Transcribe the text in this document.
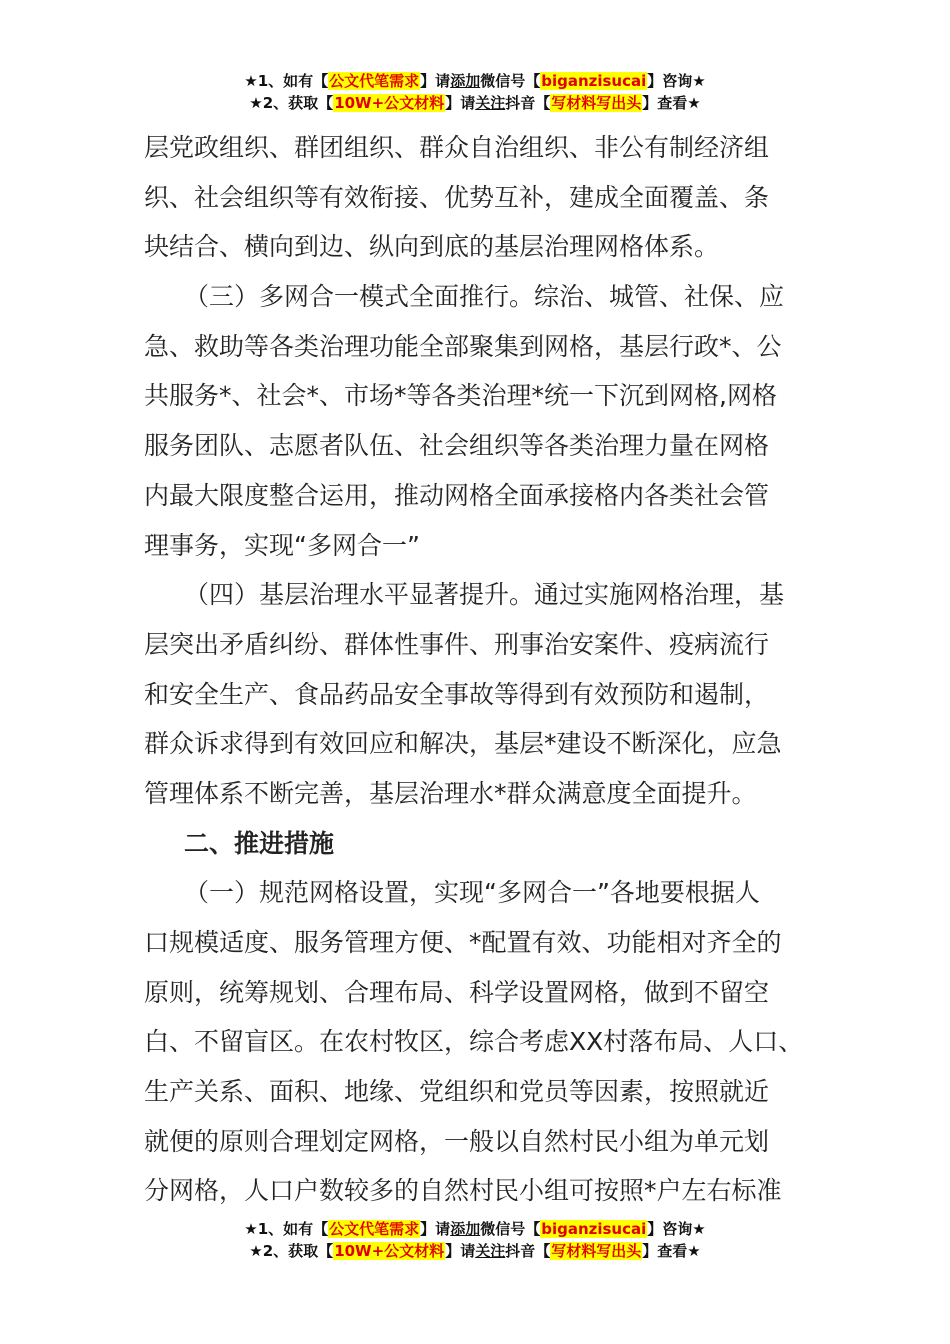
★1、如有【公文代笔需求】请添加微信号【biganzisucai】咨询★
★2、获取【10W+公文材料】请关注抖音【写材料写出头】查看★
层党政组织、群团组织、群众自治组织、非公有制经济组
织、社会组织等有效衔接、优势互补，建成全面覆盖、条
块结合、横向到边、纵向到底的基层治理网格体系。
（三）多网合一模式全面推行。综治、城管、社保、应
急、救助等各类治理功能全部聚集到网格，基层行政*、公
共服务*、社会*、市场*等各类治理*统一下沉到网格,网格
服务团队、志愿者队伍、社会组织等各类治理力量在网格
内最大限度整合运用，推动网格全面承接格内各类社会管
理事务，实现“多网合一”
（四）基层治理水平显著提升。通过实施网格治理，基
层突出矛盾纠纷、群体性事件、刑事治安案件、疫病流行
和安全生产、食品药品安全事故等得到有效预防和遏制，
群众诉求得到有效回应和解决，基层*建设不断深化，应急
管理体系不断完善，基层治理水*群众满意度全面提升。
二、推进措施
（一）规范网格设置，实现“多网合一”各地要根据人
口规模适度、服务管理方便、*配置有效、功能相对齐全的
原则，统筹规划、合理布局、科学设置网格，做到不留空
白、不留盲区。在农村牧区，综合考虑XX村落布局、人口、
生产关系、面积、地缘、党组织和党员等因素，按照就近
就便的原则合理划定网格，一般以自然村民小组为单元划
分网格，人口户数较多的自然村民小组可按照*户左右标准
★1、如有【公文代笔需求】请添加微信号【biganzisucai】咨询★
★2、获取【10W+公文材料】请关注抖音【写材料写出头】查看★
